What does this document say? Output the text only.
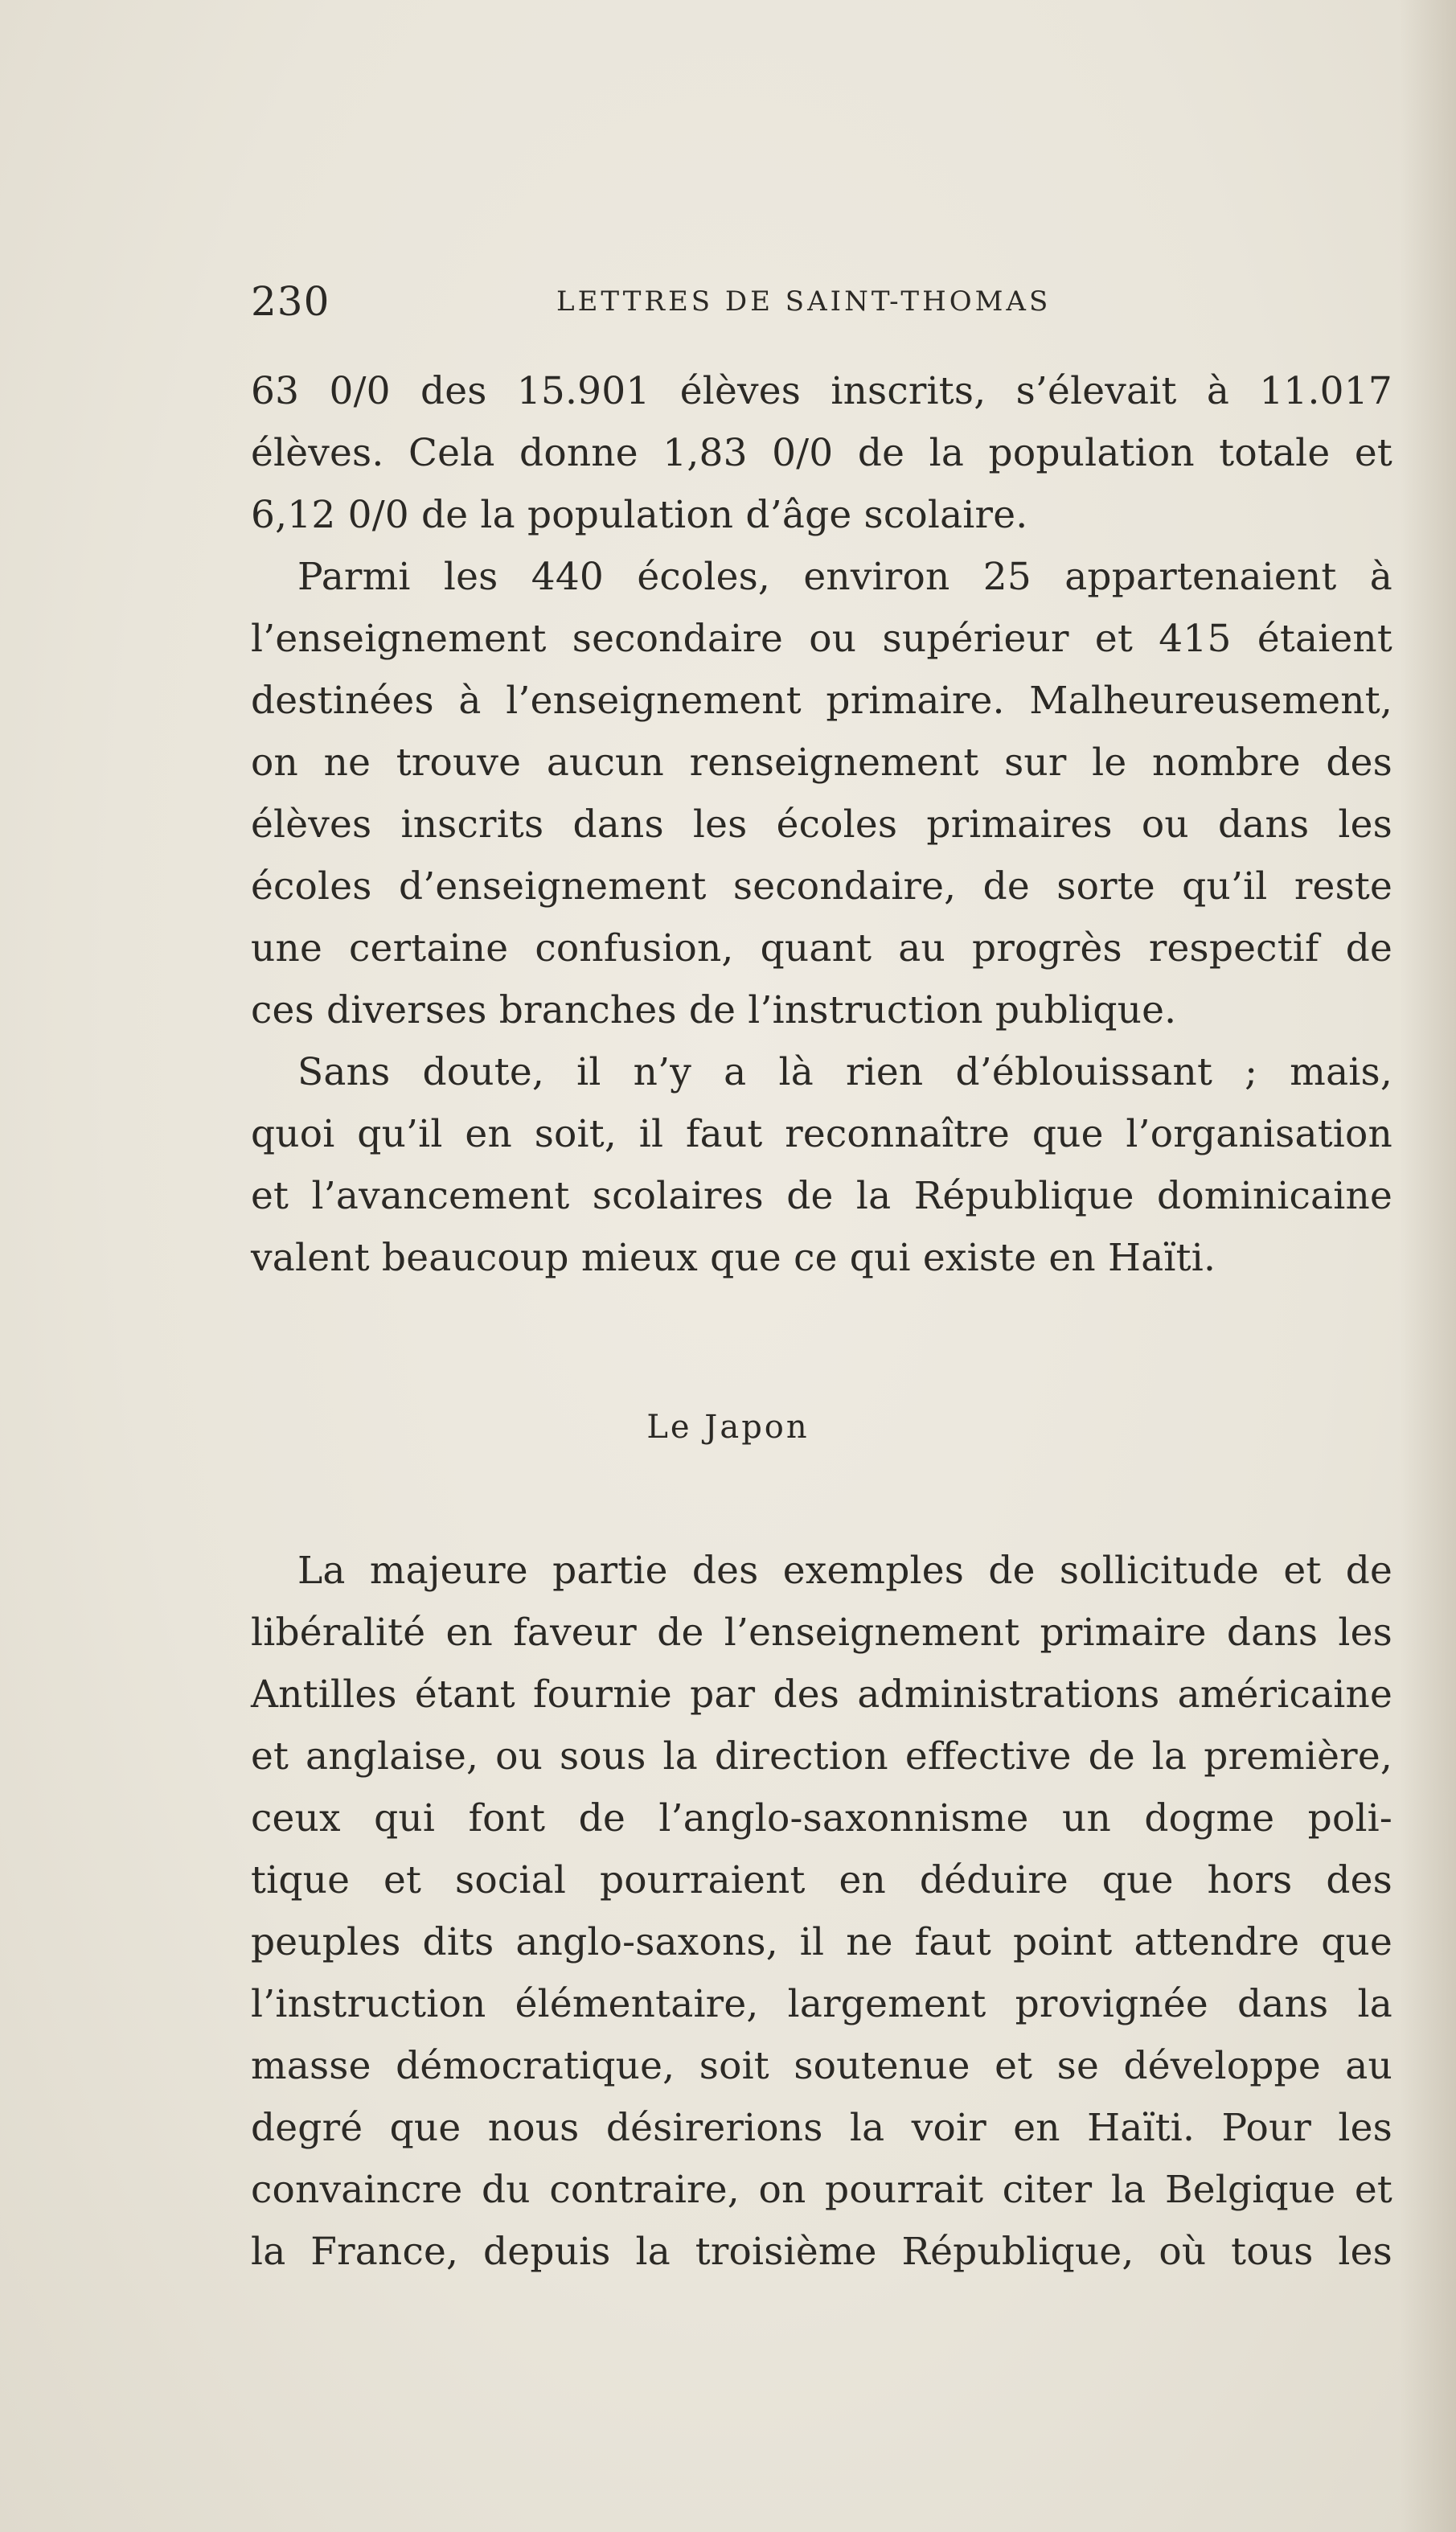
230	LETTRES DE SAINT-THOMAS
63 0/0 des 15.901 élèves inscrits, s’élevait à 11.017
élèves. Cela donne 1,83 0/0 de la population totale et
6,12 0/0 de la population d’âge scolaire.
Parmi les 440 écoles, environ 25 appartenaient à
l’enseignement secondaire ou supérieur et 415 étaient
destinées à l’enseignement primaire. Malheureusement,
on ne trouve aucun renseignement sur le nombre des
élèves inscrits dans les écoles primaires ou dans les
écoles d’enseignement secondaire, de sorte qu’il reste
une certaine confusion, quant au progrès respectif de
ces diverses branches de l’instruction publique.
Sans doute, il n’y a là rien d’éblouissant ; mais,
quoi qu’il en soit, il faut reconnaître que l’organisation
et l’avancement scolaires de la République dominicaine
valent beaucoup mieux que ce qui existe en Haïti.
Le Japon
La majeure partie des exemples de sollicitude et de
libéralité en faveur de l’enseignement primaire dans les
Antilles étant fournie par des administrations américaine
et anglaise, ou sous la direction effective de la première,
ceux qui font de l’anglo-saxonnisme un dogme poli-
tique et social pourraient en déduire que hors des
peuples dits anglo-saxons, il ne faut point attendre que
l’instruction élémentaire, largement provignée dans la
masse démocratique, soit soutenue et se développe au
degré que nous désirerions la voir en Haïti. Pour les
convaincre du contraire, on pourrait citer la Belgique et
la France, depuis la troisième République, où tous les
